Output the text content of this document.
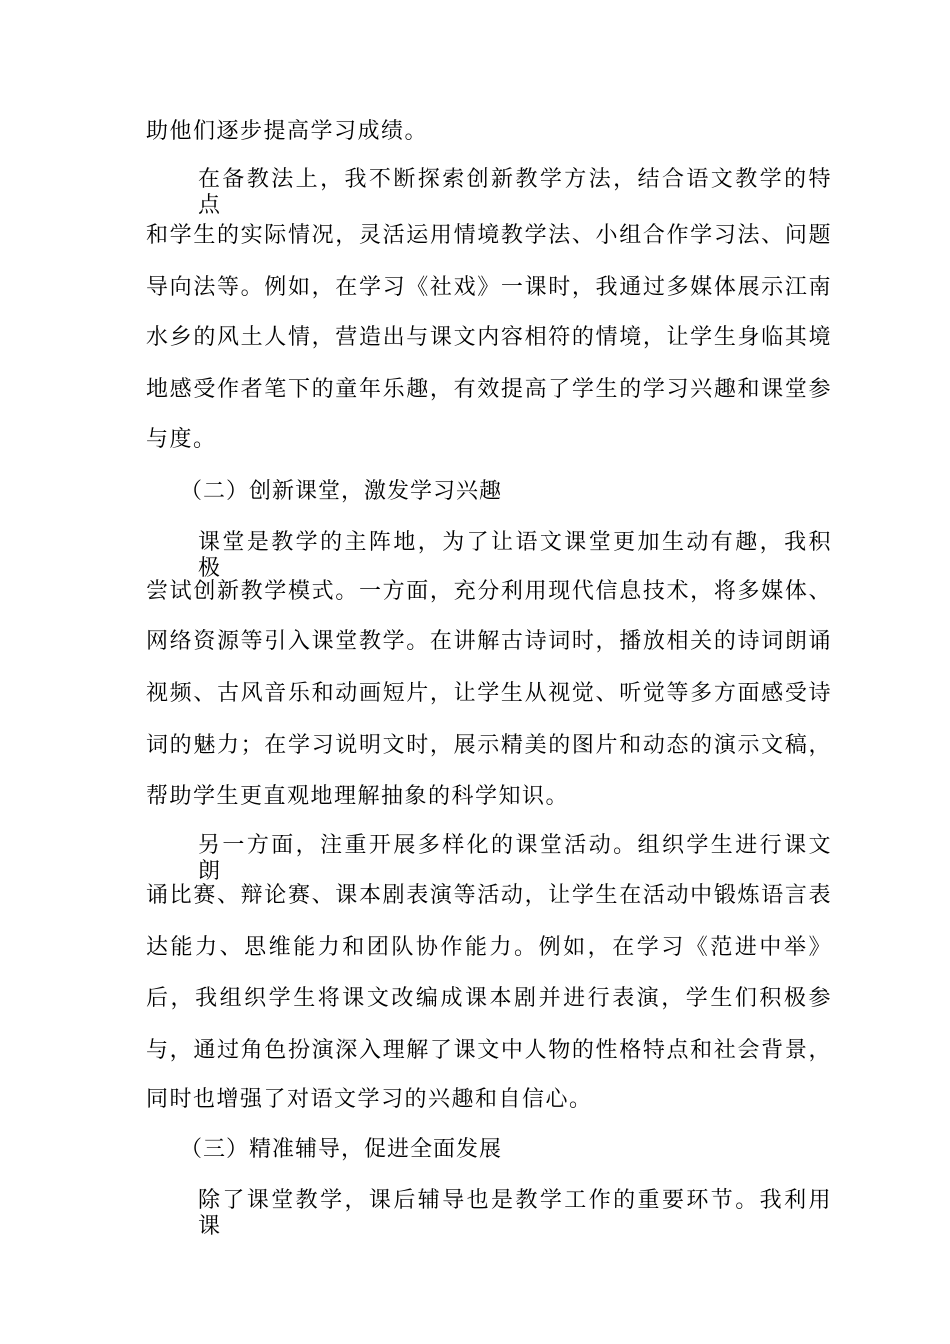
助他们逐步提高学习成绩。
在备教法上，我不断探索创新教学方法，结合语文教学的特点
和学生的实际情况，灵活运用情境教学法、小组合作学习法、问题
导向法等。例如，在学习《社戏》一课时，我通过多媒体展示江南
水乡的风土人情，营造出与课文内容相符的情境，让学生身临其境
地感受作者笔下的童年乐趣，有效提高了学生的学习兴趣和课堂参
与度。
（二）创新课堂，激发学习兴趣
课堂是教学的主阵地，为了让语文课堂更加生动有趣，我积极
尝试创新教学模式。一方面，充分利用现代信息技术，将多媒体、
网络资源等引入课堂教学。在讲解古诗词时，播放相关的诗词朗诵
视频、古风音乐和动画短片，让学生从视觉、听觉等多方面感受诗
词的魅力；在学习说明文时，展示精美的图片和动态的演示文稿，
帮助学生更直观地理解抽象的科学知识。
另一方面，注重开展多样化的课堂活动。组织学生进行课文朗
诵比赛、辩论赛、课本剧表演等活动，让学生在活动中锻炼语言表
达能力、思维能力和团队协作能力。例如，在学习《范进中举》
后，我组织学生将课文改编成课本剧并进行表演，学生们积极参
与，通过角色扮演深入理解了课文中人物的性格特点和社会背景，
同时也增强了对语文学习的兴趣和自信心。
（三）精准辅导，促进全面发展
除了课堂教学，课后辅导也是教学工作的重要环节。我利用课
